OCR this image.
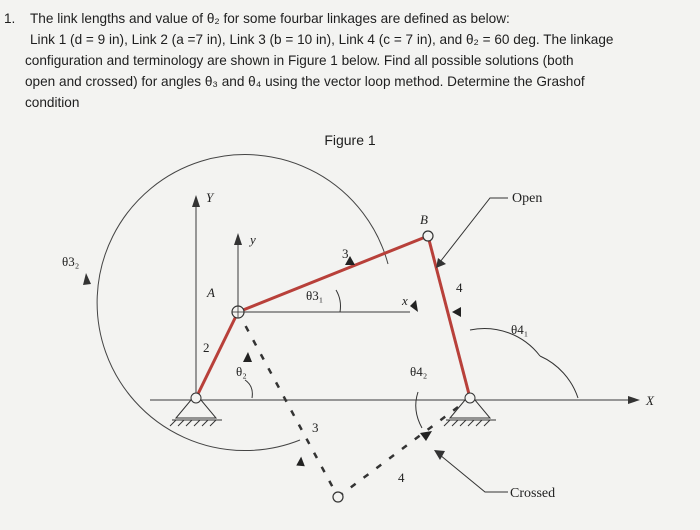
1. The link lengths and value of θ₂ for some fourbar linkages are defined as below:
Link 1 (d = 9 in), Link 2 (a =7 in), Link 3 (b = 10 in), Link 4 (c = 7 in), and θ₂ = 60 deg. The linkage
configuration and terminology are shown in Figure 1 below. Find all possible solutions (both
open and crossed) for angles θ₃ and θ₄ using the vector loop method. Determine the Grashof
condition
Figure 1
Y
y
A
B
x
X
Open
Crossed
θ3₂
θ3₁
θ4₁
θ4₂
θ₂
2
3
3
4
4
